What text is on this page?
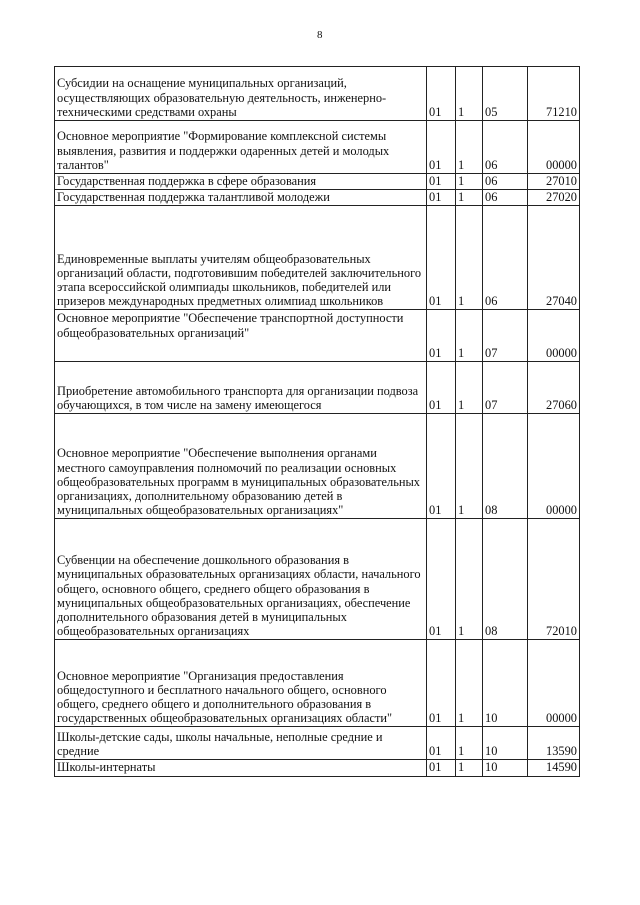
8
Субсидии на оснащение муниципальных организаций, осуществляющих образовательную деятельность, инженерно-техническими средствами охраны	01	1	05	71210
Основное мероприятие "Формирование комплексной системы выявления, развития и поддержки одаренных детей и молодых талантов"	01	1	06	00000
Государственная поддержка в сфере образования	01	1	06	27010
Государственная поддержка талантливой молодежи	01	1	06	27020
Единовременные выплаты учителям общеобразовательных организаций области, подготовившим победителей заключительного этапа всероссийской олимпиады школьников, победителей или призеров международных предметных олимпиад школьников	01	1	06	27040
Основное мероприятие "Обеспечение транспортной доступности общеобразовательных организаций"	01	1	07	00000
Приобретение автомобильного транспорта для организации подвоза обучающихся, в том числе на замену имеющегося	01	1	07	27060
Основное мероприятие "Обеспечение выполнения органами местного самоуправления полномочий по реализации основных общеобразовательных программ в муниципальных образовательных организациях, дополнительному образованию детей в муниципальных общеобразовательных организациях"	01	1	08	00000
Субвенции на обеспечение дошкольного образования в муниципальных образовательных организациях области, начального общего, основного общего, среднего общего образования в муниципальных общеобразовательных организациях, обеспечение дополнительного образования детей в муниципальных общеобразовательных организациях	01	1	08	72010
Основное мероприятие "Организация предоставления общедоступного и бесплатного начального общего, основного общего, среднего общего и дополнительного образования в государственных общеобразовательных организациях области"	01	1	10	00000
Школы-детские сады, школы начальные, неполные средние и средние	01	1	10	13590
Школы-интернаты	01	1	10	14590
